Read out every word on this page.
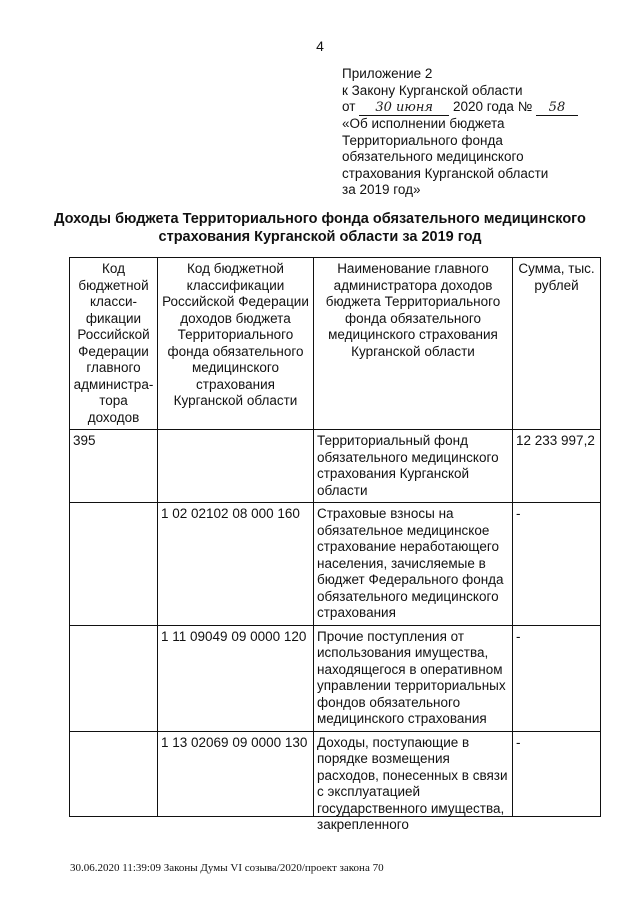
4
Приложение 2
к Закону Курганской области
от 30 июня 2020 года № 58
«Об исполнении бюджета
Территориального фонда
обязательного медицинского
страхования Курганской области
за 2019 год»
Доходы бюджета Территориального фонда обязательного медицинского
страхования Курганской области за 2019 год
Код бюджетной класси-фикации Российской Федерации главного администра-тора доходов	Код бюджетной классификации Российской Федерации доходов бюджета Территориального фонда обязательного медицинского страхования Курганской области	Наименование главного администратора доходов бюджета Территориального фонда обязательного медицинского страхования Курганской области	Сумма, тыс. рублей
395		Территориальный фонд обязательного медицинского страхования Курганской области	12 233 997,2
	1 02 02102 08 000 160	Страховые взносы на обязательное медицинское страхование неработающего населения, зачисляемые в бюджет Федерального фонда обязательного медицинского страхования	-
	1 11 09049 09 0000 120	Прочие поступления от использования имущества, находящегося в оперативном управлении территориальных фондов обязательного медицинского страхования	-

	1 13 02069 09 0000 130	Доходы, поступающие в порядке возмещения расходов, понесенных в связи с эксплуатацией государственного имущества, закрепленного	-
30.06.2020 11:39:09 Законы Думы VI созыва/2020/проект закона 70
